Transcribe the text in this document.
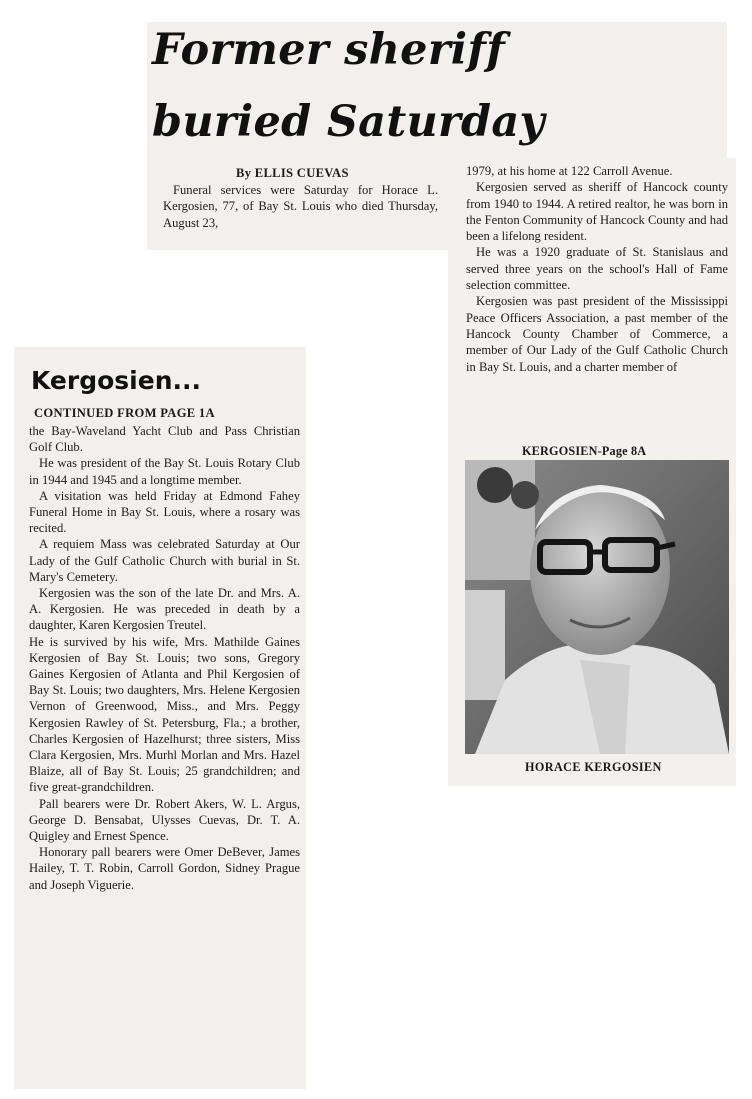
Former sheriff
buried Saturday
By ELLIS CUEVAS

Funeral services were Saturday for Horace L. Kergosien, 77, of Bay St. Louis who died Thursday, August 23,

1979, at his home at 122 Carroll Avenue.

Kergosien served as sheriff of Hancock county from 1940 to 1944. A retired realtor, he was born in the Fenton Community of Hancock County and had been a lifelong resident.

He was a 1920 graduate of St. Stanislaus and served three years on the school's Hall of Fame selection committee.

Kergosien was past president of the Mississippi Peace Officers Association, a past member of the Hancock County Chamber of Commerce, a member of Our Lady of the Gulf Catholic Church in Bay St. Louis, and a charter member of

KERGOSIEN-Page 8A
HORACE KERGOSIEN
Kergosien...
CONTINUED FROM PAGE 1A

the Bay-Waveland Yacht Club and Pass Christian Golf Club.

He was president of the Bay St. Louis Rotary Club in 1944 and 1945 and a longtime member.

A visitation was held Friday at Edmond Fahey Funeral Home in Bay St. Louis, where a rosary was recited.

A requiem Mass was celebrated Saturday at Our Lady of the Gulf Catholic Church with burial in St. Mary's Cemetery.

Kergosien was the son of the late Dr. and Mrs. A. A. Kergosien. He was preceded in death by a daughter, Karen Kergosien Treutel.

He is survived by his wife, Mrs. Mathilde Gaines Kergosien of Bay St. Louis; two sons, Gregory Gaines Kergosien of Atlanta and Phil Kergosien of Bay St. Louis; two daughters, Mrs. Helene Kergosien Vernon of Greenwood, Miss., and Mrs. Peggy Kergosien Rawley of St. Petersburg, Fla.; a brother, Charles Kergosien of Hazelhurst; three sisters, Miss Clara Kergosien, Mrs. Murhl Morlan and Mrs. Hazel Blaize, all of Bay St. Louis; 25 grandchildren; and five great-grandchildren.

Pall bearers were Dr. Robert Akers, W. L. Argus, George D. Bensabat, Ulysses Cuevas, Dr. T. A. Quigley and Ernest Spence.

Honorary pall bearers were Omer DeBever, James Hailey, T. T. Robin, Carroll Gordon, Sidney Prague and Joseph Viguerie.
